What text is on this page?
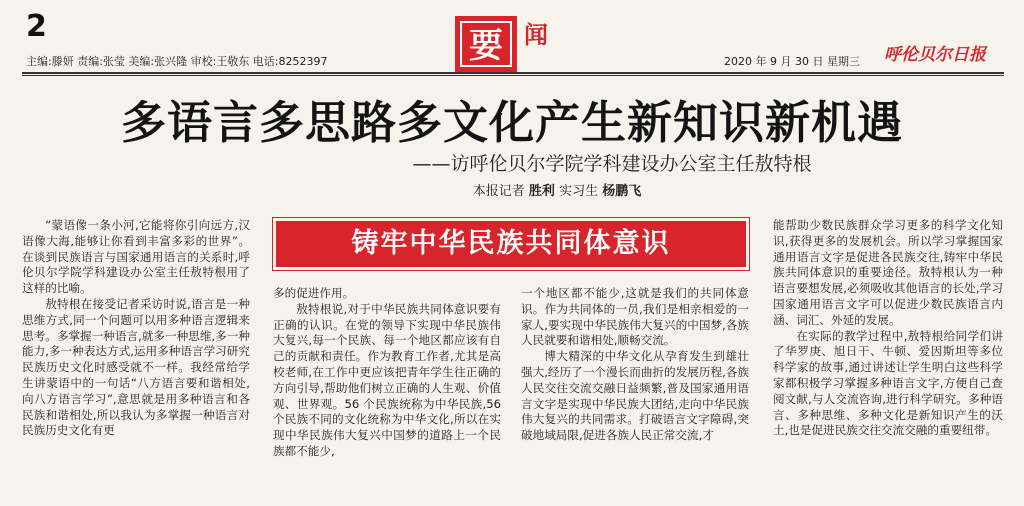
2
主编:滕妍 责编:张莹 美编:张兴隆 审校:王敬东 电话:8252397	要 闻
2020 年 9 月 30 日 星期三 呼伦贝尔日报
多语言多思路多文化产生新知识新机遇
——访呼伦贝尔学院学科建设办公室主任敖特根
本报记者 胜利 实习生 杨鹏飞
铸牢中华民族共同体意识

“蒙语像一条小河,它能将你引向远方,汉语像大海,能够让你看到丰富多彩的世界”。在谈到民族语言与国家通用语言的关系时,呼伦贝尔学院学科建设办公室主任敖特根用了这样的比喻。

敖特根在接受记者采访时说,语言是一种思维方式,同一个问题可以用多种语言逻辑来思考。多掌握一种语言,就多一种思维,多一种能力,多一种表达方式,运用多种语言学习研究民族历史文化时感受就不一样。我经常给学生讲蒙语中的一句话“八方语言要和谐相处,向八方语言学习”,意思就是用多种语言和各民族和谐相处,所以我认为多掌握一种语言对民族历史文化有更

多的促进作用。

敖特根说,对于中华民族共同体意识要有正确的认识。在党的领导下实现中华民族伟大复兴,每一个民族、每一个地区都应该有自己的贡献和责任。作为教育工作者,尤其是高校老师,在工作中更应该把青年学生往正确的方向引导,帮助他们树立正确的人生观、价值观、世界观。56 个民族统称为中华民族,56 个民族不同的文化统称为中华文化,所以在实现中华民族伟大复兴中国梦的道路上一个民族都不能少,

一个地区都不能少,这就是我们的共同体意识。作为共同体的一员,我们是相亲相爱的一家人,要实现中华民族伟大复兴的中国梦,各族人民就要和谐相处,顺畅交流。

博大精深的中华文化从孕育发生到雄壮强大,经历了一个漫长而曲折的发展历程,各族人民交往交流交融日益频繁,普及国家通用语言文字是实现中华民族大团结,走向中华民族伟大复兴的共同需求。打破语言文字障碍,突破地域局限,促进各族人民正常交流,才

能帮助少数民族群众学习更多的科学文化知识,获得更多的发展机会。所以学习掌握国家通用语言文字是促进各民族交往,铸牢中华民族共同体意识的重要途径。敖特根认为一种语言要想发展,必须吸收其他语言的长处,学习国家通用语言文字可以促进少数民族语言内涵、词汇、外延的发展。

在实际的教学过程中,敖特根给同学们讲了华罗庚、旭日干、牛顿、爱因斯坦等多位科学家的故事,通过讲述让学生明白这些科学家都积极学习掌握多种语言文字,方便自己查阅文献,与人交流咨询,进行科学研究。多种语言、多种思维、多种文化是新知识产生的沃土,也是促进民族交往交流交融的重要纽带。
